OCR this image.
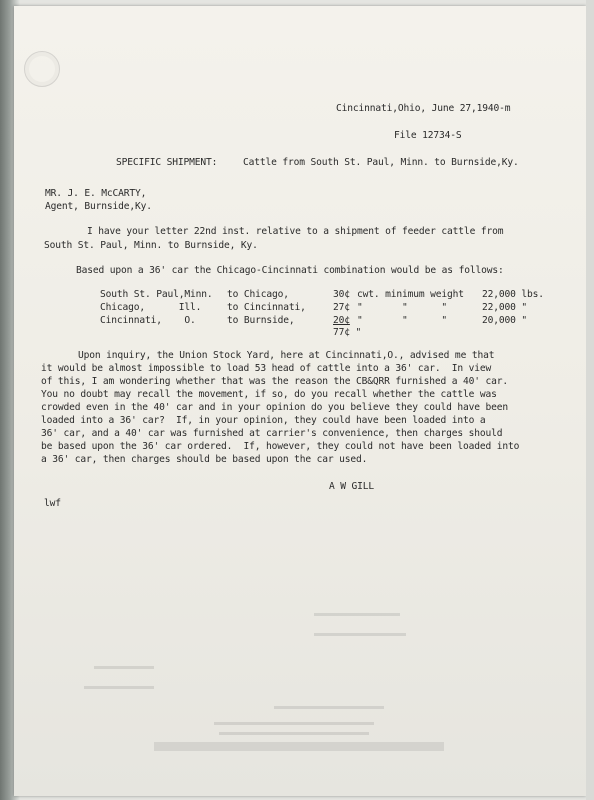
Cincinnati,Ohio, June 27,1940-m
File 12734-S
SPECIFIC SHIPMENT:	Cattle from South St. Paul, Minn. to Burnside,Ky.
MR. J. E. McCARTY,
Agent, Burnside,Ky.
I have your letter 22nd inst. relative to a shipment of feeder cattle from
South St. Paul, Minn. to Burnside, Ky.
Based upon a 36' car the Chicago-Cincinnati combination would be as follows:
South St. Paul,Minn. to Chicago,	30¢ cwt. minimum weight 22,000 lbs.
Chicago,      Ill.	to Cincinnati,	27¢ "       "      "	22,000 "
Cincinnati,    O.	to Burnside,	20¢ "       "      "	20,000 "
77¢ "
Upon inquiry, the Union Stock Yard, here at Cincinnati,O., advised me that
it would be almost impossible to load 53 head of cattle into a 36' car.  In view
of this, I am wondering whether that was the reason the CB&QRR furnished a 40' car.
You no doubt may recall the movement, if so, do you recall whether the cattle was
crowded even in the 40' car and in your opinion do you believe they could have been
loaded into a 36' car?  If, in your opinion, they could have been loaded into a
36' car, and a 40' car was furnished at carrier's convenience, then charges should
be based upon the 36' car ordered.  If, however, they could not have been loaded into
a 36' car, then charges should be based upon the car used.
A W GILL
lwf
